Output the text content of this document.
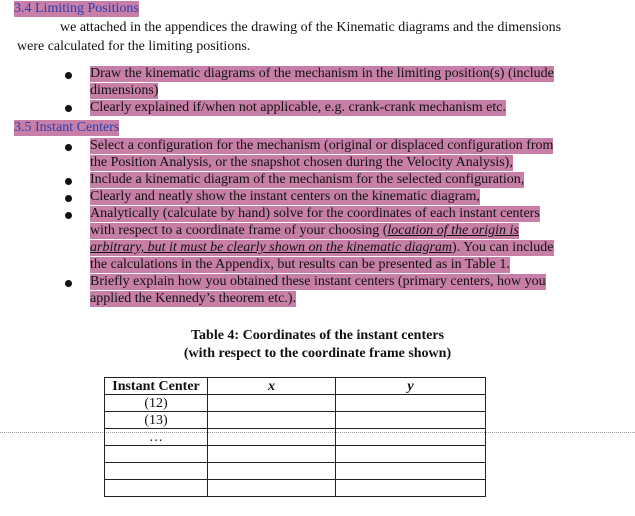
3.4 Limiting Positions
we attached in the appendices the drawing of the Kinematic diagrams and the dimensions
were calculated for the limiting positions.
Draw the kinematic diagrams of the mechanism in the limiting position(s) (include
dimensions)
Clearly explained if/when not applicable, e.g. crank-crank mechanism etc.
3.5 Instant Centers
Select a configuration for the mechanism (original or displaced configuration from
the Position Analysis, or the snapshot chosen during the Velocity Analysis),
Include a kinematic diagram of the mechanism for the selected configuration,
Clearly and neatly show the instant centers on the kinematic diagram,
Analytically (calculate by hand) solve for the coordinates of each instant centers
with respect to a coordinate frame of your choosing (location of the origin is
arbitrary, but it must be clearly shown on the kinematic diagram). You can include
the calculations in the Appendix, but results can be presented as in Table 1.
Briefly explain how you obtained these instant centers (primary centers, how you
applied the Kennedy’s theorem etc.).
Table 4: Coordinates of the instant centers
(with respect to the coordinate frame shown)
Instant Center	x	y
(12)		
(13)		
…		
